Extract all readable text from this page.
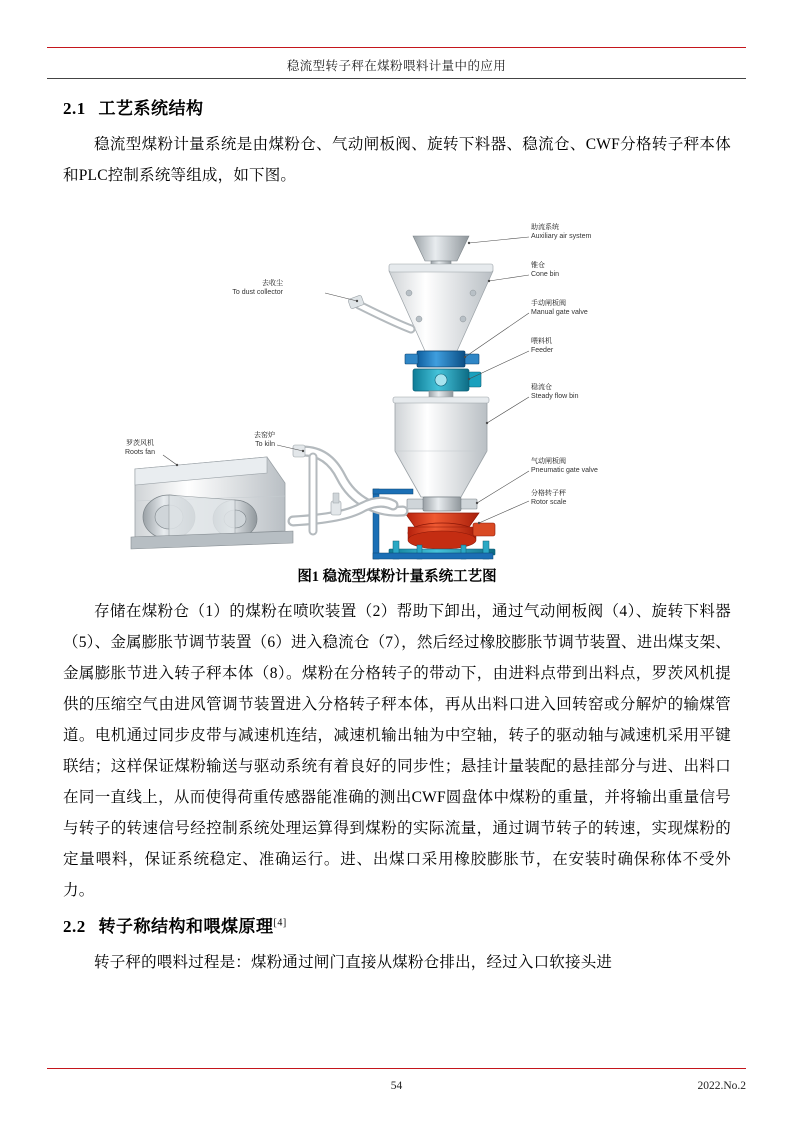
稳流型转子秤在煤粉喂料计量中的应用
2.1 工艺系统结构

稳流型煤粉计量系统是由煤粉仓、气动闸板阀、旋转下料器、稳流仓、CWF分格转子秤本体和PLC控制系统等组成，如下图。

助流系统
Auxiliary air system
锥仓
Cone bin
手动闸板阀
Manual gate valve
喂料机
Feeder
稳流仓
Steady flow bin
气动闸板阀
Pneumatic gate valve
分格转子秤
Rotor scale
去收尘
To dust collector
去窑炉
To kiln
罗茨风机
Roots fan
图1 稳流型煤粉计量系统工艺图

存储在煤粉仓（1）的煤粉在喷吹装置（2）帮助下卸出，通过气动闸板阀（4）、旋转下料器（5）、金属膨胀节调节装置（6）进入稳流仓（7），然后经过橡胶膨胀节调节装置、进出煤支架、金属膨胀节进入转子秤本体（8）。煤粉在分格转子的带动下，由进料点带到出料点，罗茨风机提供的压缩空气由进风管调节装置进入分格转子秤本体，再从出料口进入回转窑或分解炉的输煤管道。电机通过同步皮带与减速机连结，减速机输出轴为中空轴，转子的驱动轴与减速机采用平键联结；这样保证煤粉输送与驱动系统有着良好的同步性；悬挂计量装配的悬挂部分与进、出料口在同一直线上，从而使得荷重传感器能准确的测出CWF圆盘体中煤粉的重量，并将输出重量信号与转子的转速信号经控制系统处理运算得到煤粉的实际流量，通过调节转子的转速，实现煤粉的定量喂料，保证系统稳定、准确运行。进、出煤口采用橡胶膨胀节，在安装时确保称体不受外力。

2.2 转子称结构和喂煤原理[4]

转子秤的喂料过程是：煤粉通过闸门直接从煤粉仓排出，经过入口软接头进

54	2022.No.2
